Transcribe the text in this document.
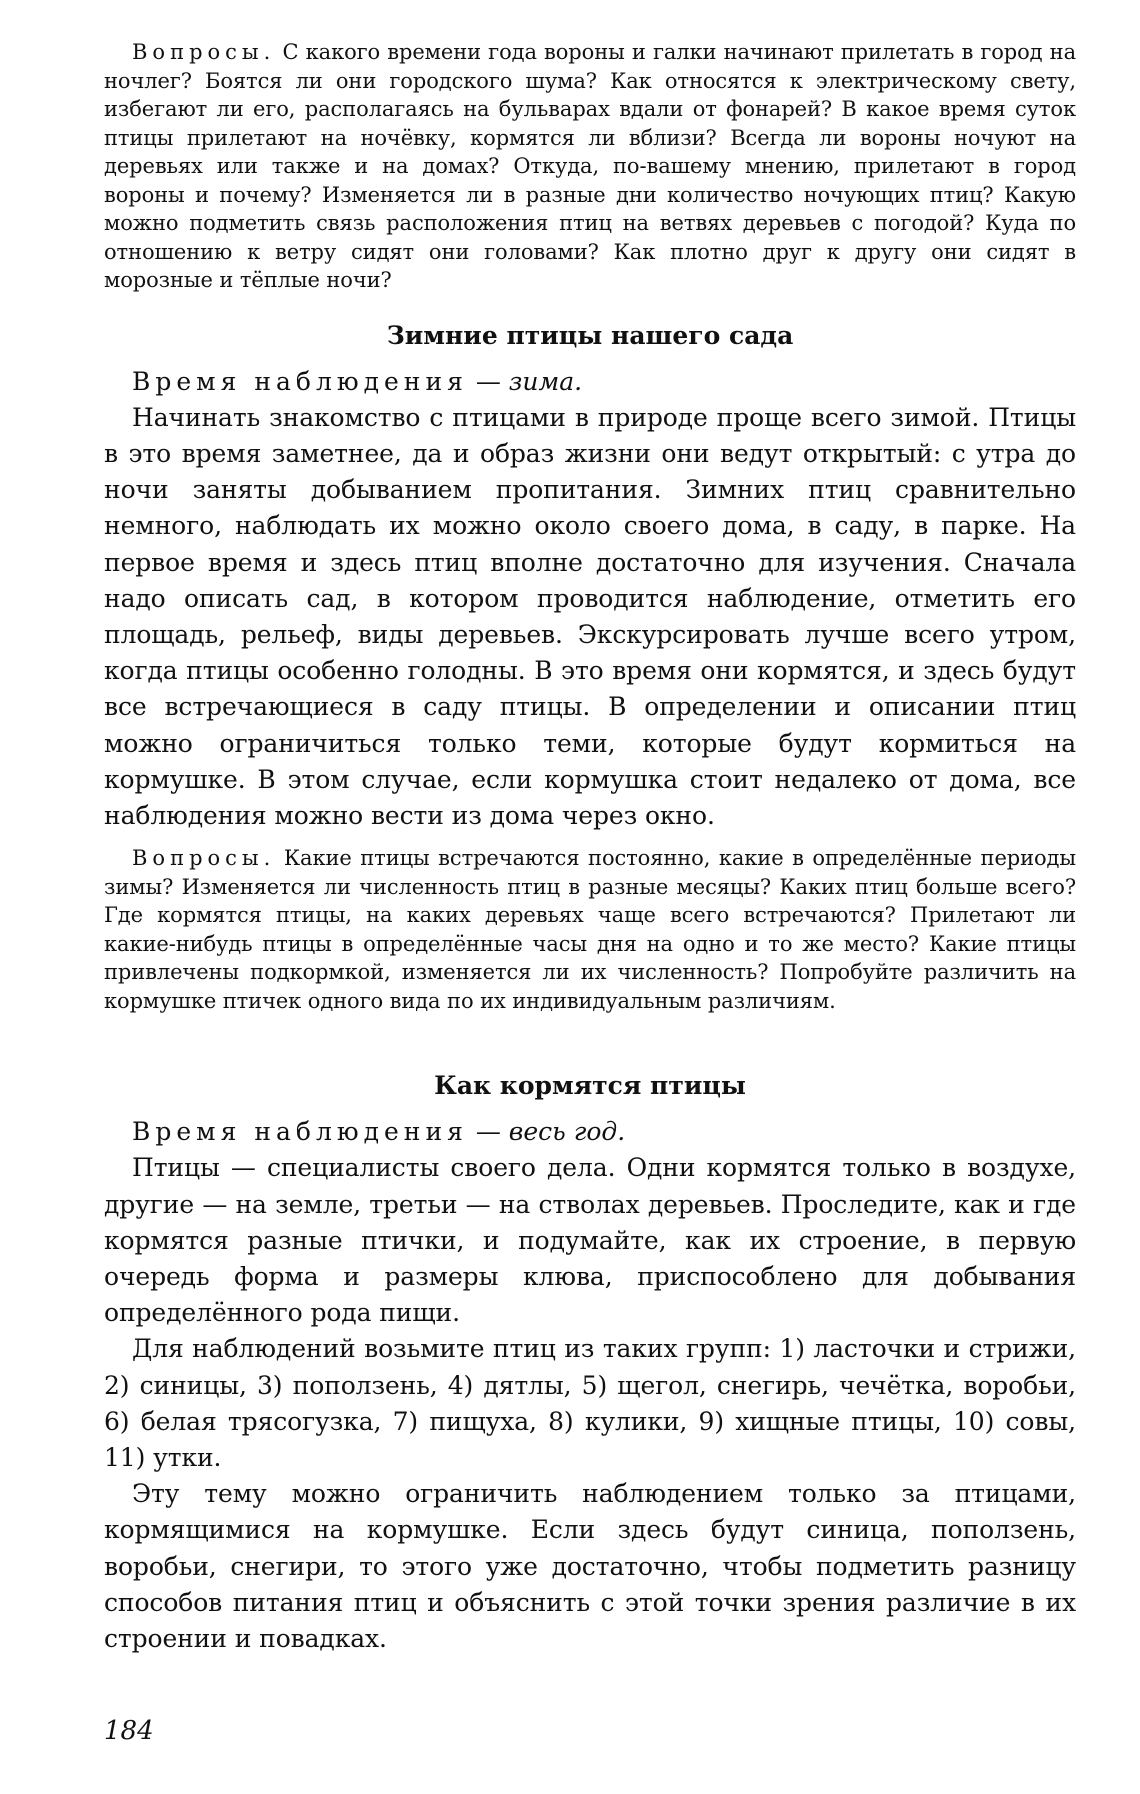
Вопросы. С какого времени года вороны и галки начинают прилетать в город на ночлег? Боятся ли они городского шума? Как относятся к электрическому свету, избегают ли его, располагаясь на бульварах вдали от фонарей? В какое время суток птицы прилетают на ночёвку, кормятся ли вблизи? Всегда ли вороны ночуют на деревьях или также и на домах? Откуда, по-вашему мнению, прилетают в город вороны и почему? Изменяется ли в разные дни количество ночующих птиц? Какую можно подметить связь расположения птиц на ветвях деревьев с погодой? Куда по отношению к ветру сидят они головами? Как плотно друг к другу они сидят в морозные и тёплые ночи?

Зимние птицы нашего сада

Время наблюдения — зима.

Начинать знакомство с птицами в природе проще всего зимой. Птицы в это время заметнее, да и образ жизни они ведут открытый: с утра до ночи заняты добыванием пропитания. Зимних птиц сравнительно немного, наблюдать их можно около своего дома, в саду, в парке. На первое время и здесь птиц вполне достаточно для изучения. Сначала надо описать сад, в котором проводится наблюдение, отметить его площадь, рельеф, виды деревьев. Экскурсировать лучше всего утром, когда птицы особенно голодны. В это время они кормятся, и здесь будут все встречающиеся в саду птицы. В определении и описании птиц можно ограничиться только теми, которые будут кормиться на кормушке. В этом случае, если кормушка стоит недалеко от дома, все наблюдения можно вести из дома через окно.

Вопросы. Какие птицы встречаются постоянно, какие в определённые периоды зимы? Изменяется ли численность птиц в разные месяцы? Каких птиц больше всего? Где кормятся птицы, на каких деревьях чаще всего встречаются? Прилетают ли какие-нибудь птицы в определённые часы дня на одно и то же место? Какие птицы привлечены подкормкой, изменяется ли их численность? Попробуйте различить на кормушке птичек одного вида по их индивидуальным различиям.

Как кормятся птицы

Время наблюдения — весь год.

Птицы — специалисты своего дела. Одни кормятся только в воздухе, другие — на земле, третьи — на стволах деревьев. Проследите, как и где кормятся разные птички, и подумайте, как их строение, в первую очередь форма и размеры клюва, приспособлено для добывания определённого рода пищи.

Для наблюдений возьмите птиц из таких групп: 1) ласточки и стрижи, 2) синицы, 3) поползень, 4) дятлы, 5) щегол, снегирь, чечётка, воробьи, 6) белая трясогузка, 7) пищуха, 8) кулики, 9) хищные птицы, 10) совы, 11) утки.

Эту тему можно ограничить наблюдением только за птицами, кормящимися на кормушке. Если здесь будут синица, поползень, воробьи, снегири, то этого уже достаточно, чтобы подметить разницу способов питания птиц и объяснить с этой точки зрения различие в их строении и повадках.

184
